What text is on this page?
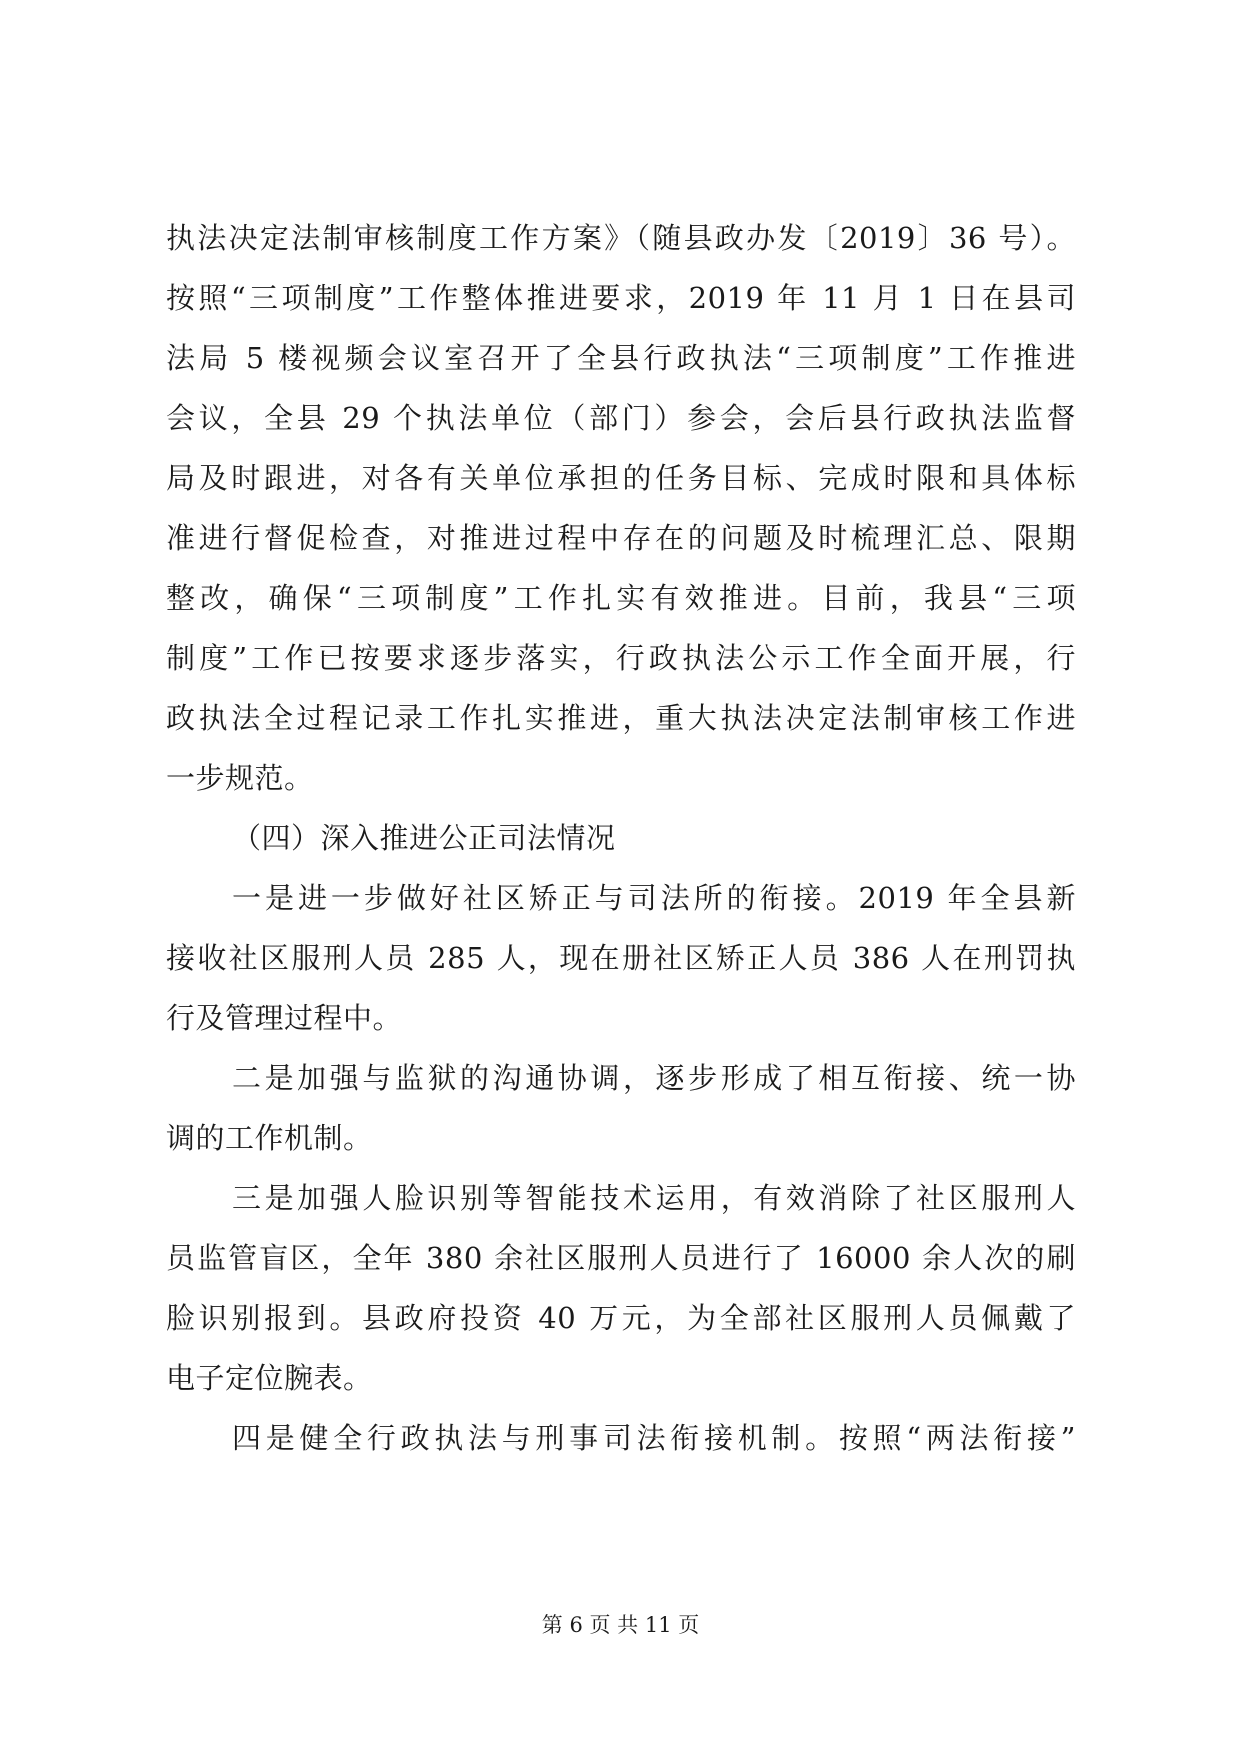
执法决定法制审核制度工作方案》（随县政办发〔2019〕36 号）。
按照“三项制度”工作整体推进要求，2019 年 11 月 1 日在县司
法局 5 楼视频会议室召开了全县行政执法“三项制度”工作推进
会议，全县 29 个执法单位（部门）参会，会后县行政执法监督
局及时跟进，对各有关单位承担的任务目标、完成时限和具体标
准进行督促检查，对推进过程中存在的问题及时梳理汇总、限期
整改，确保“三项制度”工作扎实有效推进。目前，我县“三项
制度”工作已按要求逐步落实，行政执法公示工作全面开展，行
政执法全过程记录工作扎实推进，重大执法决定法制审核工作进
一步规范。
（四）深入推进公正司法情况
一是进一步做好社区矫正与司法所的衔接。2019 年全县新
接收社区服刑人员 285 人，现在册社区矫正人员 386 人在刑罚执
行及管理过程中。
二是加强与监狱的沟通协调，逐步形成了相互衔接、统一协
调的工作机制。
三是加强人脸识别等智能技术运用，有效消除了社区服刑人
员监管盲区，全年 380 余社区服刑人员进行了 16000 余人次的刷
脸识别报到。县政府投资 40 万元，为全部社区服刑人员佩戴了
电子定位腕表。
四是健全行政执法与刑事司法衔接机制。按照“两法衔接”
第 6 页 共 11 页
